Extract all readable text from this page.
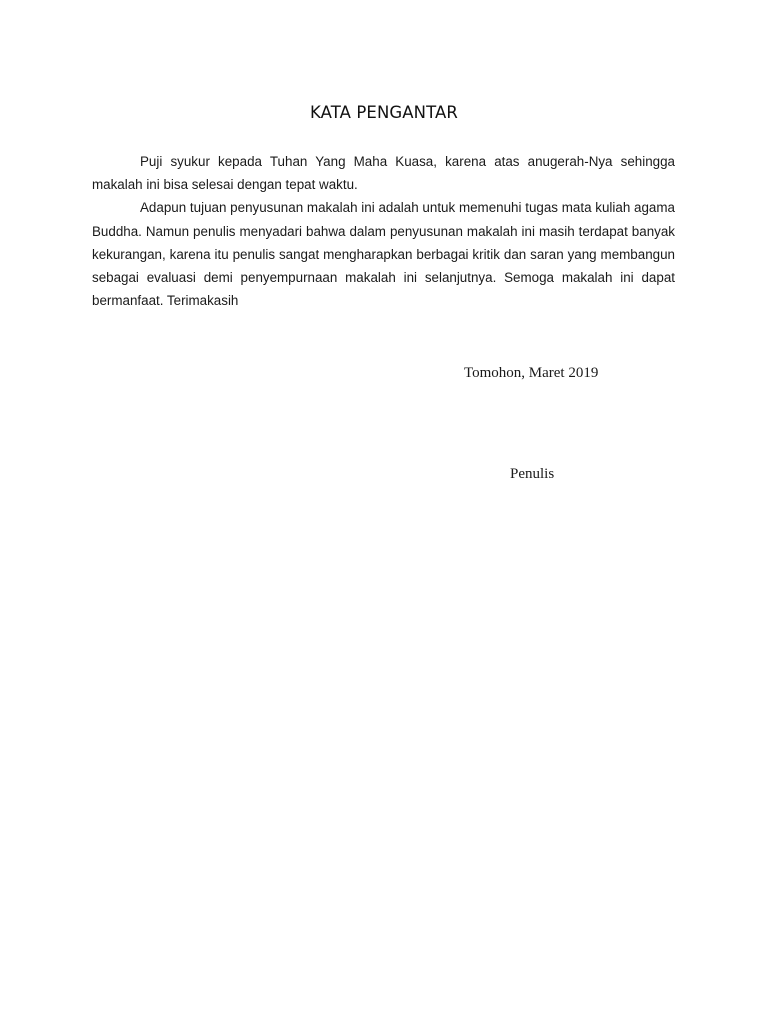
KATA PENGANTAR

Puji syukur kepada Tuhan Yang Maha Kuasa, karena atas anugerah-Nya sehingga makalah ini bisa selesai dengan tepat waktu.

Adapun tujuan penyusunan makalah ini adalah untuk memenuhi tugas mata kuliah agama Buddha. Namun penulis menyadari bahwa dalam penyusunan makalah ini masih terdapat banyak kekurangan, karena itu penulis sangat mengharapkan berbagai kritik dan saran yang membangun sebagai evaluasi demi penyempurnaan makalah ini selanjutnya. Semoga makalah ini dapat bermanfaat. Terimakasih

Tomohon, Maret 2019
Penulis
